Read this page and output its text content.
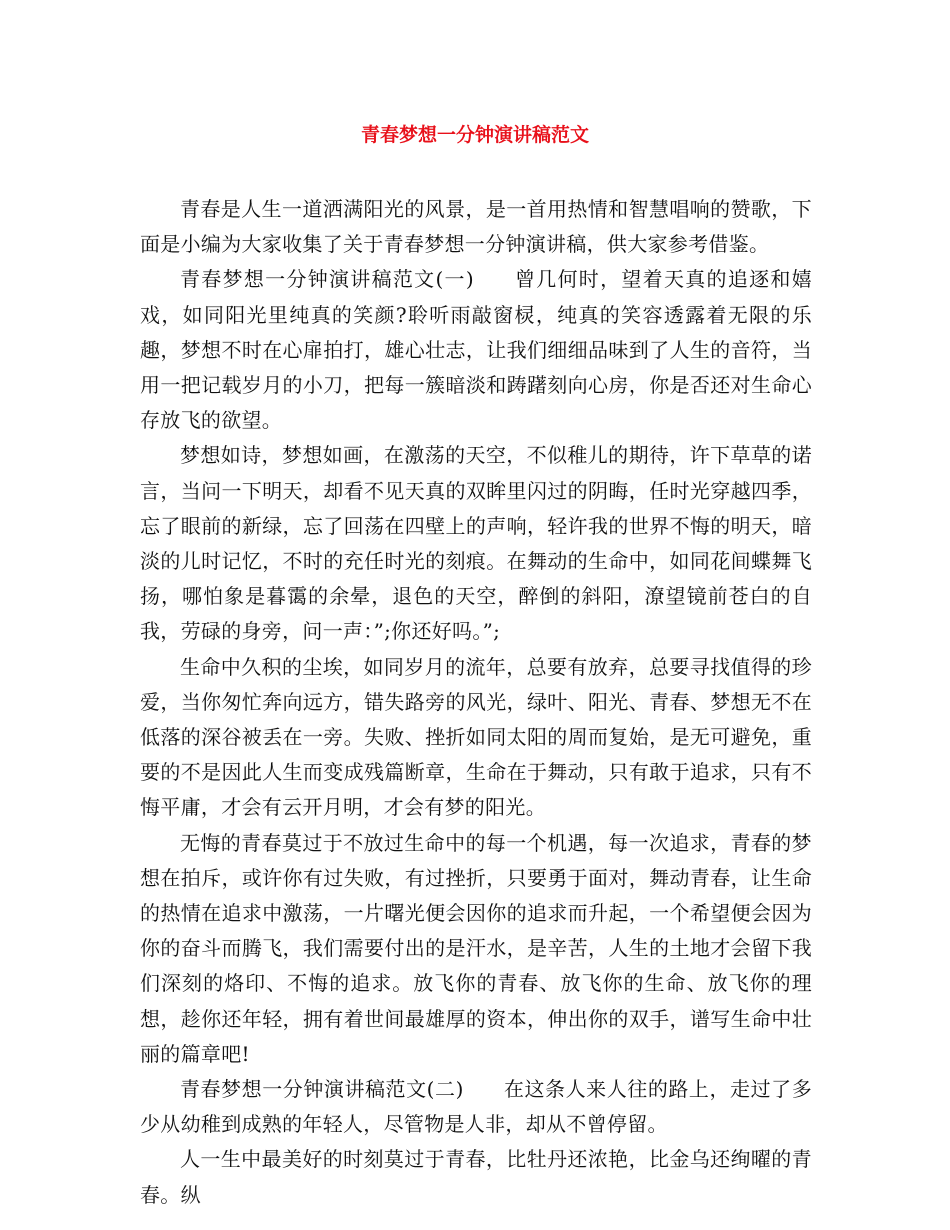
青春梦想一分钟演讲稿范文

青春是人生一道洒满阳光的风景，是一首用热情和智慧唱响的赞歌，下面是小编为大家收集了关于青春梦想一分钟演讲稿，供大家参考借鉴。

青春梦想一分钟演讲稿范文(一) 曾几何时，望着天真的追逐和嬉戏，如同阳光里纯真的笑颜?聆听雨敲窗棂，纯真的笑容透露着无限的乐趣，梦想不时在心扉拍打，雄心壮志，让我们细细品味到了人生的音符，当用一把记载岁月的小刀，把每一簇暗淡和踌躇刻向心房，你是否还对生命心存放飞的欲望。

梦想如诗，梦想如画，在激荡的天空，不似稚儿的期待，许下草草的诺言，当问一下明天，却看不见天真的双眸里闪过的阴晦，任时光穿越四季，忘了眼前的新绿，忘了回荡在四壁上的声响，轻许我的世界不悔的明天，暗淡的儿时记忆，不时的充任时光的刻痕。在舞动的生命中，如同花间蝶舞飞扬，哪怕象是暮霭的余晕，退色的天空，醉倒的斜阳，潦望镜前苍白的自我，劳碌的身旁，问一声：”;你还好吗。”;

生命中久积的尘埃，如同岁月的流年，总要有放弃，总要寻找值得的珍爱，当你匆忙奔向远方，错失路旁的风光，绿叶、阳光、青春、梦想无不在低落的深谷被丢在一旁。失败、挫折如同太阳的周而复始，是无可避免，重要的不是因此人生而变成残篇断章，生命在于舞动，只有敢于追求，只有不悔平庸，才会有云开月明，才会有梦的阳光。

无悔的青春莫过于不放过生命中的每一个机遇，每一次追求，青春的梦想在拍斥，或许你有过失败，有过挫折，只要勇于面对，舞动青春，让生命的热情在追求中激荡，一片曙光便会因你的追求而升起，一个希望便会因为你的奋斗而腾飞，我们需要付出的是汗水，是辛苦，人生的土地才会留下我们深刻的烙印、不悔的追求。放飞你的青春、放飞你的生命、放飞你的理想，趁你还年轻，拥有着世间最雄厚的资本，伸出你的双手，谱写生命中壮丽的篇章吧!

青春梦想一分钟演讲稿范文(二) 在这条人来人往的路上，走过了多少从幼稚到成熟的年轻人，尽管物是人非，却从不曾停留。

人一生中最美好的时刻莫过于青春，比牡丹还浓艳，比金乌还绚曜的青春。纵
